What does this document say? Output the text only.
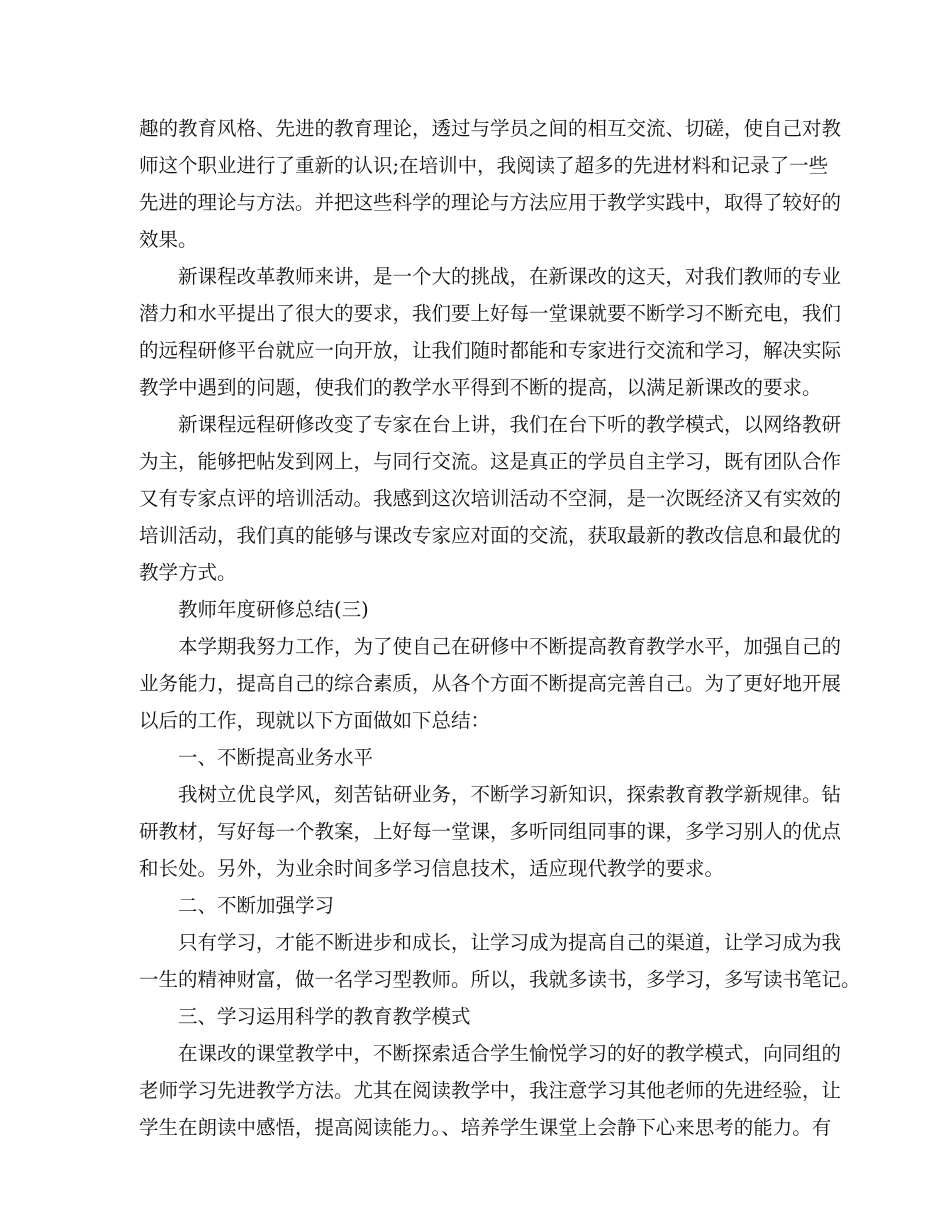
趣的教育风格、先进的教育理论，透过与学员之间的相互交流、切磋，使自己对教
师这个职业进行了重新的认识;在培训中，我阅读了超多的先进材料和记录了一些
先进的理论与方法。并把这些科学的理论与方法应用于教学实践中，取得了较好的
效果。
新课程改革教师来讲，是一个大的挑战，在新课改的这天，对我们教师的专业
潜力和水平提出了很大的要求，我们要上好每一堂课就要不断学习不断充电，我们
的远程研修平台就应一向开放，让我们随时都能和专家进行交流和学习，解决实际
教学中遇到的问题，使我们的教学水平得到不断的提高，以满足新课改的要求。
新课程远程研修改变了专家在台上讲，我们在台下听的教学模式，以网络教研
为主，能够把帖发到网上，与同行交流。这是真正的学员自主学习，既有团队合作
又有专家点评的培训活动。我感到这次培训活动不空洞，是一次既经济又有实效的
培训活动，我们真的能够与课改专家应对面的交流，获取最新的教改信息和最优的
教学方式。
教师年度研修总结(三)
本学期我努力工作，为了使自己在研修中不断提高教育教学水平，加强自己的
业务能力，提高自己的综合素质，从各个方面不断提高完善自己。为了更好地开展
以后的工作，现就以下方面做如下总结：
一、不断提高业务水平
我树立优良学风，刻苦钻研业务，不断学习新知识，探索教育教学新规律。钻
研教材，写好每一个教案，上好每一堂课，多听同组同事的课，多学习别人的优点
和长处。另外，为业余时间多学习信息技术，适应现代教学的要求。
二、不断加强学习
只有学习，才能不断进步和成长，让学习成为提高自己的渠道，让学习成为我
一生的精神财富，做一名学习型教师。所以，我就多读书，多学习，多写读书笔记。
三、学习运用科学的教育教学模式
在课改的课堂教学中，不断探索适合学生愉悦学习的好的教学模式，向同组的
老师学习先进教学方法。尤其在阅读教学中，我注意学习其他老师的先进经验，让
学生在朗读中感悟，提高阅读能力。、培养学生课堂上会静下心来思考的能力。有
